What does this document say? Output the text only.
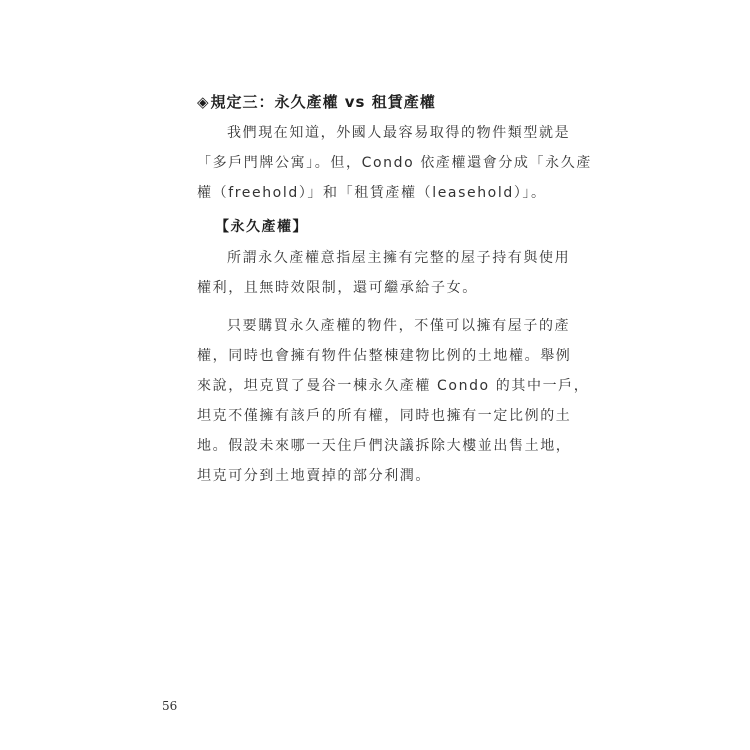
◈規定三：永久產權 vs 租賃產權
我們現在知道，外國人最容易取得的物件類型就是
「多戶門牌公寓」。但，Condo 依產權還會分成「永久產
權（freehold）」和「租賃產權（leasehold）」。
【永久產權】
所謂永久產權意指屋主擁有完整的屋子持有與使用
權利，且無時效限制，還可繼承給子女。
只要購買永久產權的物件，不僅可以擁有屋子的產
權，同時也會擁有物件佔整棟建物比例的土地權。舉例
來說，坦克買了曼谷一棟永久產權 Condo 的其中一戶，
坦克不僅擁有該戶的所有權，同時也擁有一定比例的土
地。假設未來哪一天住戶們決議拆除大樓並出售土地，
坦克可分到土地賣掉的部分利潤。
56
